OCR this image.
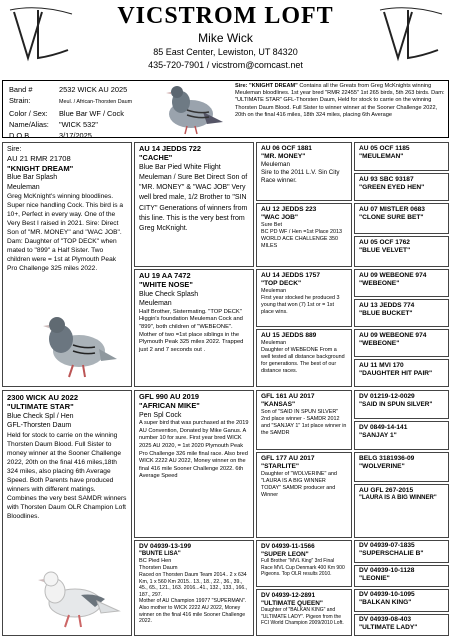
VICSTROM LOFT
Mike Wick
85 East Center, Lewiston, UT 84320
435-720-7901 / vicstrom@comcast.net
Band #	2532 WICK AU 2025
Strain:	Meul. / African-Thorsten Daum
Color / Sex: Blue Bar WF / Cock
Name/Alias: "WICK 532"
D.O.B.	3/17/2025
Sire: "KNIGHT DREAM" Contains all the Greats from Greg McKnights winning Meuleman bloodlines. 1st year bred "RMR 22455" 1st 265 birds, 5th 263 birds. Dam: "ULTIMATE STAR" GFL-Thorsten Daum, Held for stock to carrie on the winning Thorsten Daum Blood. Full Sister to winner winner at the Sooner Challenge 2022, 20th on the final 416 miles, 18th 324 miles, placing 6th Average
Sire:
AU 21 RMR 21708
"KNIGHT DREAM"
Blue Bar Splash
Meuleman
Greg McKnight's winning bloodlines. Super nice handling Cock. This bird is a 10+, Perfect in every way. One of the Very Best I raised in 2021. Sire: Direct Son of "MR. MONEY" and "WAC JOB". Dam: Daughter of "TOP DECK" when mated to "899" a Half Sister. Two children were = 1st at Plymouth Peak Pro Challenge 325 miles 2022.
AU 14 JEDDS 722
"CACHE"
Blue Bar Pied White Flight Meuleman / Sure Bet Direct Son of "MR. MONEY" & "WAC JOB" Very well bred male, 1/2 Brother to "SIN CITY" Generations of winners from this line. This is the very best from Greg McKnight.
AU 19 AA 7472
"WHITE NOSE"
Blue Check Splash
Meuleman
Half Brother, Sistermating. "TOP DECK" Higgin's foundation Meuleman Cock and "899", both children of "WEBEONE". Mother of two =1st place siblings in the Plymouth Peak 325 miles 2022. Trapped just 2 and 7 seconds out .
AU 06 OCF 1881
"MR. MONEY"
Meuleman
Sire to the 2011 L.V. Sin City Race winner.
AU 12 JEDDS 223
"WAC JOB"
Sure Bet
BC PD WF / Hen =1st Place 2013 WORLD ACE CHALLENGE 350 MILES
AU 14 JEDDS 1757
"TOP DECK"
Meuleman
First year stocked he produced 3 young that won (7) 1st or = 1st place wins.
AU 15 JEDDS 889
Meuleman
Daughter of WEBEONE From a well tested all distance background for generations. The best of our distance races.
AU 05 OCF 1185
"MEULEMAN"
AU 93 SBC 93187
"GREEN EYED HEN"
AU 07 MISTLER 0683
"CLONE SURE BET"
AU 05 OCF 1762
"BLUE VELVET"
AU 09 WEBEONE 974
"WEBEONE"
AU 13 JEDDS 774
"BLUE BUCKET"
AU 09 WEBEONE 974
"WEBEONE"
AU 11 MVI 170
"DAUGHTER HIT PAIR"
2300 WICK AU 2022
"ULTIMATE STAR"
Blue Check Spl / Hen
GFL-Thorsten Daum
Held for stock to carrie on the winning Thorsten Daum Blood. Full Sister to money winner at the Sooner Challenge 2022, 20th on the final 416 miles,18th 324 miles, also placing 6th Average Speed. Both Parents have produced winners with different matings. Combines the very best SAMDR winners with Thorsten Daum OLR Champion Loft Bloodlines.
GFL 990 AU 2019
"AFRICAN MIKE"
Pen Spl Cock
A super bird that was purchased at the 2019 AU Convention, Donated by Mike Ganus. A number 10 for sure. First year bred WICK 2025 AU 2020, = 1st 2020 Plymouth Peak Pro Challenge 326 mile final race. Also bred WICK 2222 AU 2022, Money winner on the final 416 mile Sooner Challenge 2022. 6th Average Speed
DV 04939-13-199
"BUNTE LISA"
BC Pied Hen
Thorsten Daum
Raced on Thorsten Daum Team 2014.. 2 x 634 Km, 1 x 560 Km 2015.. 13., 18., 22., 36., 39., 45., 65., 121., 163. 2016...41., 132., 133., 166., 187., 297.
Mother of AU Champion 19977 "SUPERMAN". Also mother to WICK 2222 AU 2022, Money winner on the final 416 mile Sooner Challenge 2022.
GFL 161 AU 2017
"KANSAS"
Son of "SAID IN SPUN SILVER" 2nd place winner - SAMDR 2012 and "SANJAY 1" 1st place winner in the SAMDR
GFL 177 AU 2017
"STARLITE"
Daughter of "WOLVERINE" and "LAURA IS A BIG WINNER TODAY" SAMDR producer and Winner
DV 04939-11-1566
"SUPER LEON"
Full Brother "MVL King" 3rd Final Race MVL Cup Denmark 400 Km 900 Pigeons. Top OLR results 2010.
DV 04939-12-2891
"ULTIMATE QUEEN"
Daughter of "BALKAN KING" and "ULTIMATE LADY". Pigeon from the FCI World Champion 2009/2010 Loft.
DV 01219-12-0029
"SAID IN SPUN SILVER"
DV 0849-14-141
"SANJAY 1"
BELG 3181936-09
"WOLVERINE"
AU GFL 267-2015
"LAURA IS A BIG WINNER"
DV 04939-07-1835
"SUPERSCHALIE B"
DV 04939-10-1128
"LEONIE"
DV 04939-10-1095
"BALKAN KING"
DV 04939-08-403
"ULTIMATE LADY"
